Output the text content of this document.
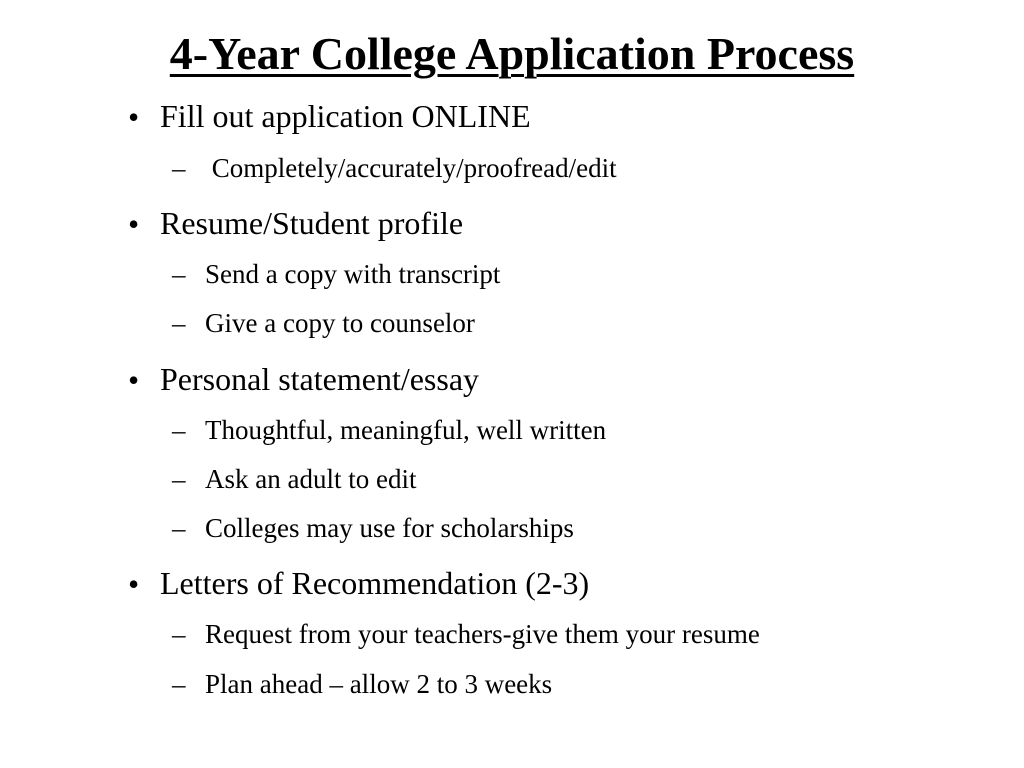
4-Year College Application Process
• Fill out application ONLINE
– Completely/accurately/proofread/edit
• Resume/Student profile
– Send a copy with transcript
– Give a copy to counselor
• Personal statement/essay
– Thoughtful, meaningful, well written
– Ask an adult to edit
– Colleges may use for scholarships
• Letters of Recommendation (2-3)
– Request from your teachers-give them your resume
– Plan ahead – allow 2 to 3 weeks
